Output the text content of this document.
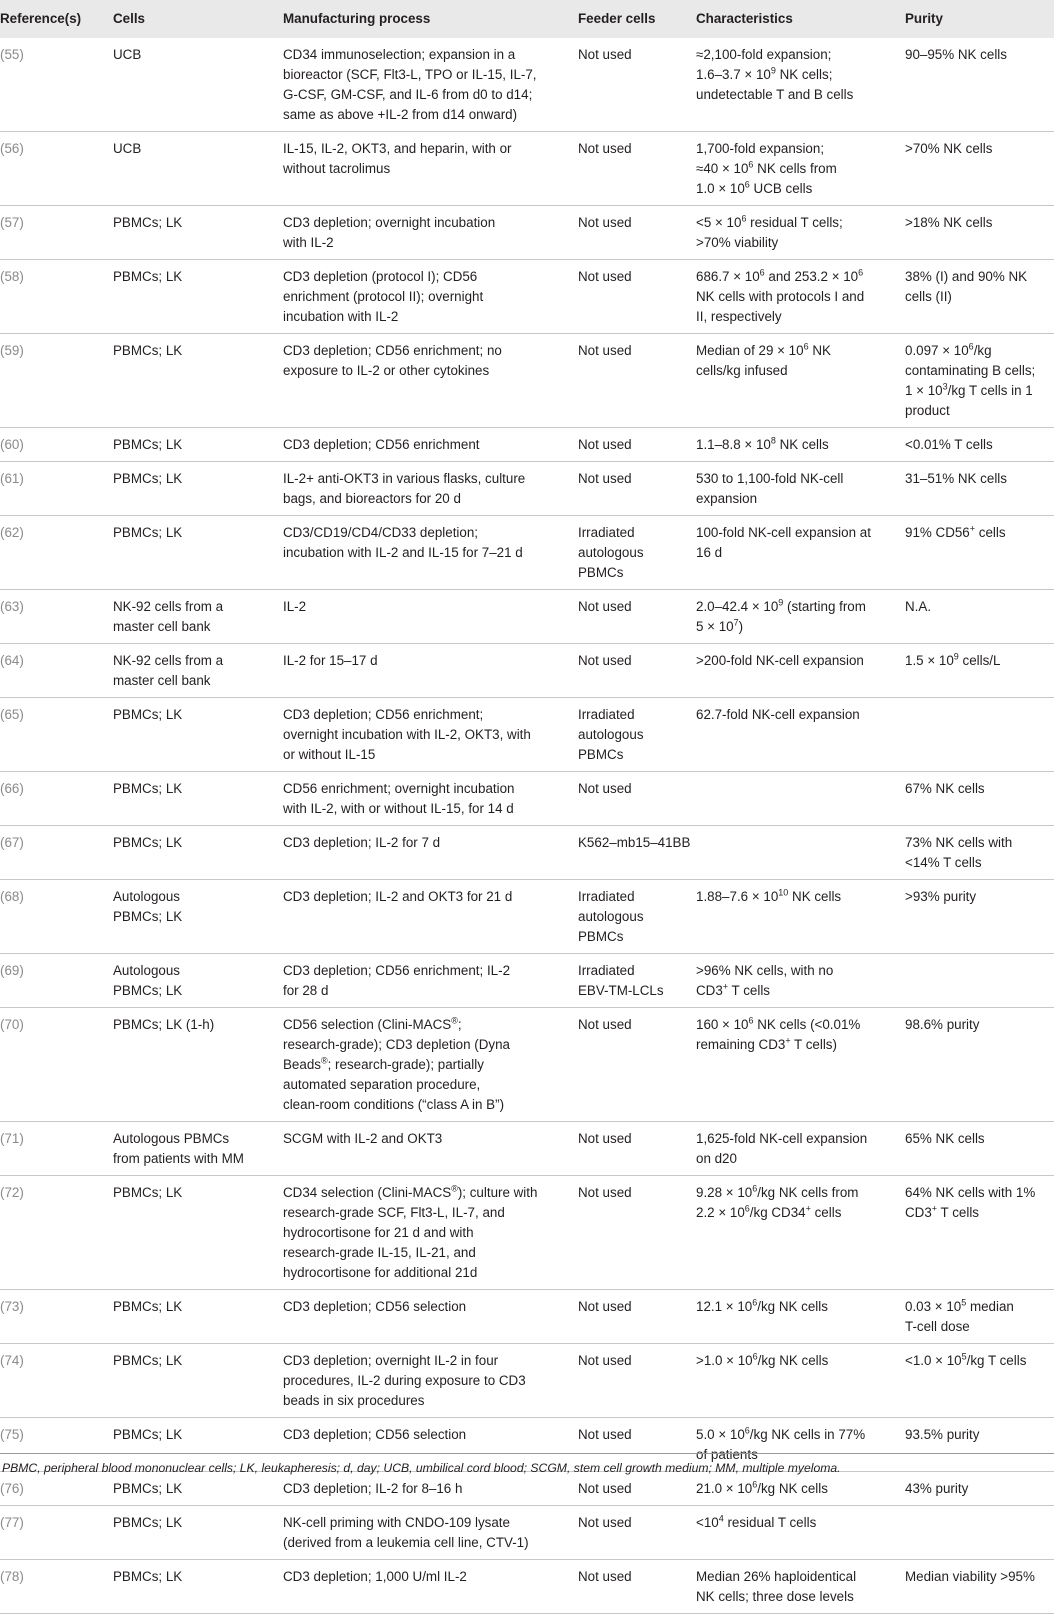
Reference(s)	Cells	Manufacturing process	Feeder cells	Characteristics	Purity
(55)	UCB	CD34 immunoselection; expansion in a
bioreactor (SCF, Flt3-L, TPO or IL-15, IL-7,
G-CSF, GM-CSF, and IL-6 from d0 to d14;
same as above +IL-2 from d14 onward)	Not used	≈2,100-fold expansion;
$1.6-3.7 \times 10^9$ NK cells;
undetectable T and B cells	90–95% NK cells
(56)	UCB	IL-15, IL-2, OKT3, and heparin, with or
without tacrolimus	Not used	1,700-fold expansion;
$\approx 40 \times 10^6$ NK cells from
$1.0 \times 10^6$ UCB cells	>70% NK cells
(57)	PBMCs; LK	CD3 depletion; overnight incubation
with IL-2	Not used	$<5 \times 10^6$ residual T cells;
>70% viability	>18% NK cells
(58)	PBMCs; LK	CD3 depletion (protocol I); CD56
enrichment (protocol II); overnight
incubation with IL-2	Not used	$686.7 \times 10^6$ and $253.2 \times 10^6$
NK cells with protocols I and
II, respectively	38% (I) and 90% NK
cells (II)
(59)	PBMCs; LK	CD3 depletion; CD56 enrichment; no
exposure to IL-2 or other cytokines	Not used	Median of $29 \times 10^6$ NK
cells/kg infused	$0.097 \times 10^6/kg$
contaminating B cells;
$1 \times 10^3/kg$ T cells in 1
product
(60)	PBMCs; LK	CD3 depletion; CD56 enrichment	Not used	$1.1-8.8 \times 10^8$ NK cells	<0.01% T cells
(61)	PBMCs; LK	IL-2+ anti-OKT3 in various flasks, culture
bags, and bioreactors for 20 d	Not used	530 to 1,100-fold NK-cell
expansion	31–51% NK cells
(62)	PBMCs; LK	CD3/CD19/CD4/CD33 depletion;
incubation with IL-2 and IL-15 for 7–21 d	Irradiated
autologous
PBMCs	100-fold NK-cell expansion at
16 d	91% CD56+ cells
(63)	NK-92 cells from a
master cell bank	IL-2	Not used	$2.0-42.4 \times 10^9$ (starting from
$5 \times 10^7$)	N.A.
(64)	NK-92 cells from a
master cell bank	IL-2 for 15–17 d	Not used	>200-fold NK-cell expansion	$1.5 \times 10^9$ cells/L
(65)	PBMCs; LK	CD3 depletion; CD56 enrichment;
overnight incubation with IL-2, OKT3, with
or without IL-15	Irradiated
autologous
PBMCs	62.7-fold NK-cell expansion	
(66)	PBMCs; LK	CD56 enrichment; overnight incubation
with IL-2, with or without IL-15, for 14 d	Not used		67% NK cells
(67)	PBMCs; LK	CD3 depletion; IL-2 for 7 d	K562–mb15–41BB		73% NK cells with
<14% T cells
(68)	Autologous
PBMCs; LK	CD3 depletion; IL-2 and OKT3 for 21 d	Irradiated
autologous
PBMCs	$1.88-7.6 \times 10^{10}$ NK cells	>93% purity
(69)	Autologous
PBMCs; LK	CD3 depletion; CD56 enrichment; IL-2
for 28 d	Irradiated
EBV-TM-LCLs	>96% NK cells, with no
CD3+ T cells	
(70)	PBMCs; LK (1-h)	CD56 selection (Clini-MACS®;
research-grade); CD3 depletion (Dyna
Beads®; research-grade); partially
automated separation procedure,
clean-room conditions (“class A in B”)	Not used	$160 \times 10^6$ NK cells (<0.01%
remaining CD3+ T cells)	98.6% purity
(71)	Autologous PBMCs
from patients with MM	SCGM with IL-2 and OKT3	Not used	1,625-fold NK-cell expansion
on d20	65% NK cells
(72)	PBMCs; LK	CD34 selection (Clini-MACS®); culture with
research-grade SCF, Flt3-L, IL-7, and
hydrocortisone for 21 d and with
research-grade IL-15, IL-21, and
hydrocortisone for additional 21d	Not used	$9.28 \times 10^6/kg$ NK cells from
$2.2 \times 10^6/kg$ CD34+ cells	64% NK cells with 1%
CD3+ T cells
(73)	PBMCs; LK	CD3 depletion; CD56 selection	Not used	$12.1 \times 10^6/kg$ NK cells	$0.03 \times 10^5$ median
T-cell dose
(74)	PBMCs; LK	CD3 depletion; overnight IL-2 in four
procedures, IL-2 during exposure to CD3
beads in six procedures	Not used	$>1.0 \times 10^6/kg$ NK cells	$<1.0 \times 10^5/kg$ T cells
(75)	PBMCs; LK	CD3 depletion; CD56 selection	Not used	$5.0 \times 10^6/kg$ NK cells in 77%
of patients	93.5% purity
(76)	PBMCs; LK	CD3 depletion; IL-2 for 8–16 h	Not used	$21.0 \times 10^6/kg$ NK cells	43% purity
(77)	PBMCs; LK	NK-cell priming with CNDO-109 lysate
(derived from a leukemia cell line, CTV-1)	Not used	$<10^4$ residual T cells	
(78)	PBMCs; LK	CD3 depletion; 1,000 U/ml IL-2	Not used	Median 26% haploidentical
NK cells; three dose levels	Median viability >95%
PBMC, peripheral blood mononuclear cells; LK, leukapheresis; d, day; UCB, umbilical cord blood; SCGM, stem cell growth medium; MM, multiple myeloma.
